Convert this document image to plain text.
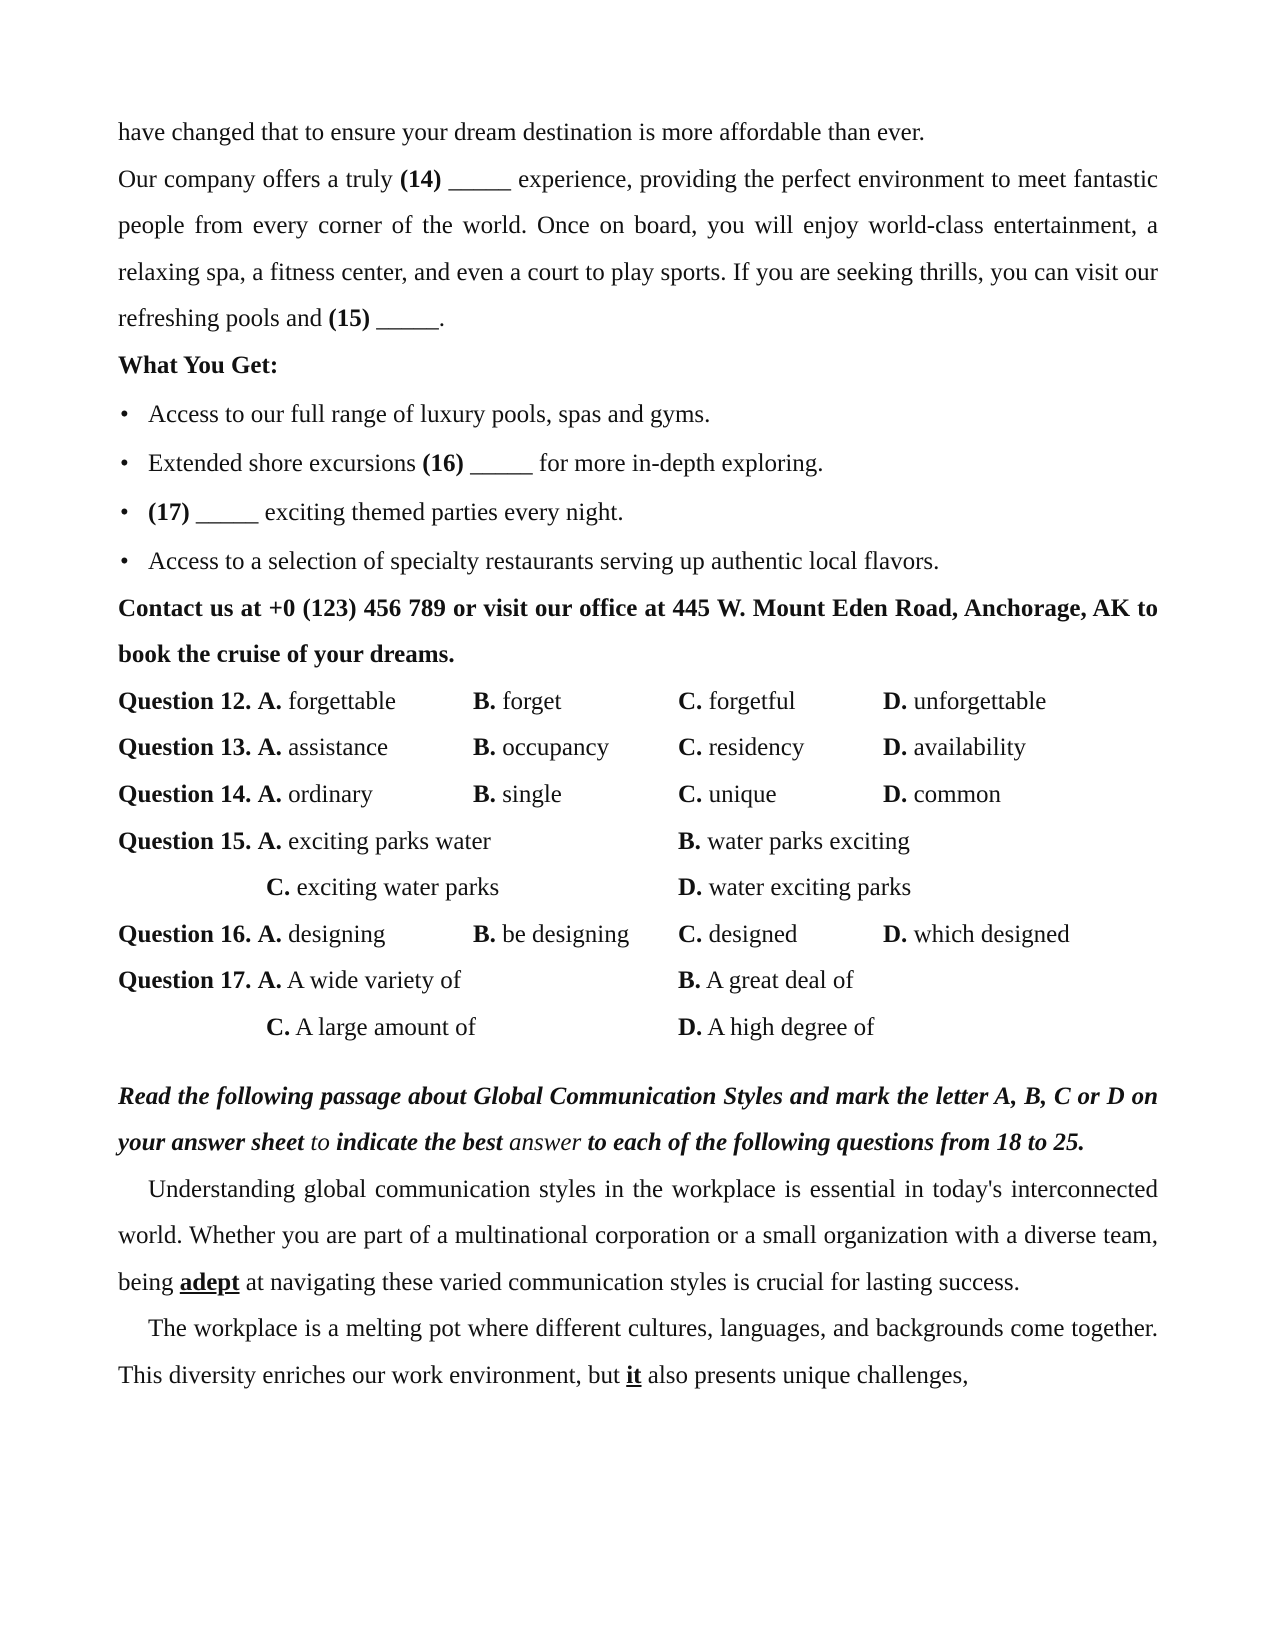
have changed that to ensure your dream destination is more affordable than ever.

Our company offers a truly (14) _____ experience, providing the perfect environment to meet fantastic people from every corner of the world. Once on board, you will enjoy world-class entertainment, a relaxing spa, a fitness center, and even a court to play sports. If you are seeking thrills, you can visit our refreshing pools and (15) _____.

What You Get:

• Access to our full range of luxury pools, spas and gyms.
• Extended shore excursions (16) _____ for more in-depth exploring.
• (17) _____ exciting themed parties every night.
• Access to a selection of specialty restaurants serving up authentic local flavors.

Contact us at +0 (123) 456 789 or visit our office at 445 W. Mount Eden Road, Anchorage, AK to book the cruise of your dreams.

Question 12. A. forgettable	B. forget	C. forgetful	D. unforgettable
Question 13. A. assistance	B. occupancy	C. residency	D. availability
Question 14. A. ordinary	B. single	C. unique	D. common
Question 15. A. exciting parks water	B. water parks exciting
C. exciting water parks	D. water exciting parks
Question 16. A. designing	B. be designing	C. designed	D. which designed
Question 17. A. A wide variety of	B. A great deal of
C. A large amount of	D. A high degree of

Read the following passage about Global Communication Styles and mark the letter A, B, C or D on your answer sheet to indicate the best answer to each of the following questions from 18 to 25.

Understanding global communication styles in the workplace is essential in today's interconnected world. Whether you are part of a multinational corporation or a small organization with a diverse team, being adept at navigating these varied communication styles is crucial for lasting success.

The workplace is a melting pot where different cultures, languages, and backgrounds come together. This diversity enriches our work environment, but it also presents unique challenges,
